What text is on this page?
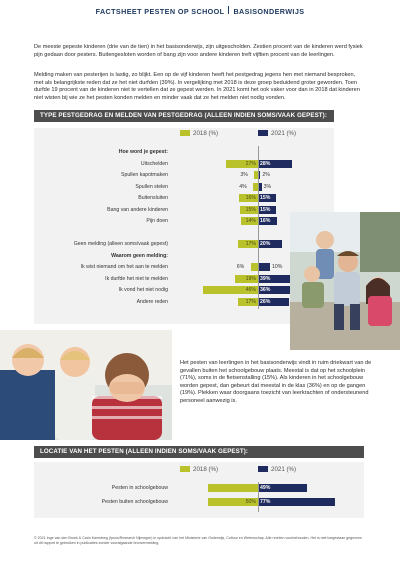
FACTSHEET PESTEN OP SCHOOL BASISONDERWIJS

De meeste gepeste kinderen (drie van de tien) in het basisonderwijs, zijn uitgescholden. Zestien procent van de kinderen werd fysiek pijn gedaan door pesters. Buitengesloten worden of bang zijn voor andere kinderen treft vijftien procent van de leerlingen.

Melding maken van pesterijen is lastig, zo blijkt. Een op de vijf kinderen heeft het pestgedrag jegens hen met niemand besproken, met als belangrijkste reden dat ze het niet durfden (39%). In vergelijking met 2018 is deze groep beduidend groter geworden. Toen durfde 19 procent van de kinderen niet te vertellen dat ze gepest werden. In 2021 komt het ook vaker voor dan in 2018 dat kinderen niet wisten bij wie ze het pesten konden melden en minder vaak dat ze het melden niet nodig vonden.

TYPE PESTGEDRAG EN MELDEN VAN PESTGEDRAG (ALLEEN INDIEN SOMS/VAAK GEPEST):
2018 (%)	2021 (%)
Hoe word je gepest:
Uitschelden	27% 28%
Spullen kapotmaken	3%	2%
Spullen stelen	4%	3%
Buitensluiten	16% 15%
Bang van andere kinderen	15% 15%
Pijn doen	14% 16%
Geen melding (alleen soms/vaak gepest)	17% 20%
Waarom geen melding:
Ik wist niemand om het aan te melden	6%	10%
Ik durfde het niet te melden	19% 39%
Ik vond het niet nodig	46% 36%
Andere reden	17% 26%

Het pesten van leerlingen in het basisonderwijs vindt in ruim driekwart van de gevallen buiten het schoolgebouw plaats. Meestal is dat op het schoolplein (71%), soms in de fietsenstalling (15%). Als kinderen in het schoolgebouw worden gepest, dan gebeurt dat meestal in de klas (36%) en op de gangen (19%). Plekken waar doorgaans toezicht van leerkrachten of ondersteunend personeel aanwezig is.

LOCATIE VAN HET PESTEN (ALLEEN INDIEN SOMS/VAAK GEPEST):
2018 (%)	2021 (%)
Pesten in schoolgebouw	49%
Pesten buiten schoolgebouw	50% 77%

© 2021 Inge van den Broek & Carin Kamsteeg (Ipsos/Research Nijmegen) in opdracht van het Ministerie van Onderwijs, Cultuur en Wetenschap. Alle rechten voorbehouden. Het is niet toegestaan gegevens uit dit rapport te gebruiken in publicaties zonder voorafgaande bronvermelding.
